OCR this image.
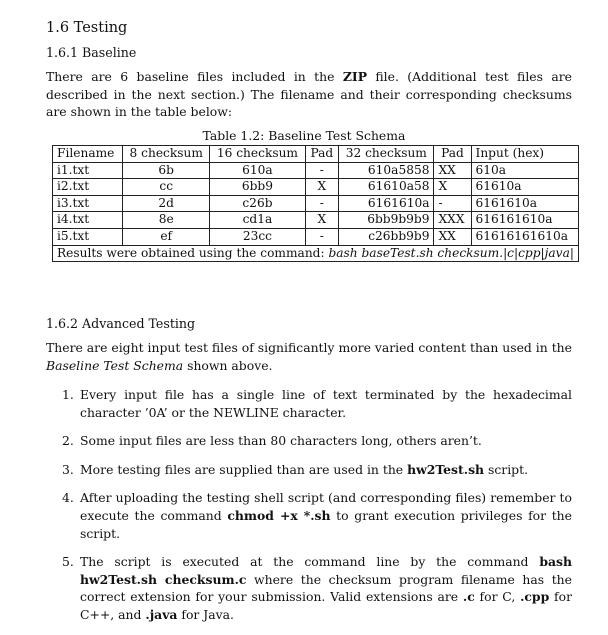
1.6 Testing
1.6.1 Baseline

There are 6 baseline files included in the ZIP file. (Additional test files are described in the next section.) The filename and their corresponding checksums are shown in the table below:

Table 1.2: Baseline Test Schema

Filename	8 checksum	16 checksum	Pad	32 checksum	Pad	Input (hex)
i1.txt	6b	610a	-	610a5858	XX	610a
i2.txt	cc	6bb9	X	61610a58	X	61610a
i3.txt	2d	c26b	-	6161610a	-	6161610a
i4.txt	8e	cd1a	X	6bb9b9b9	XXX	616161610a
i5.txt	ef	23cc	-	c26bb9b9	XX	61616161610a
Results were obtained using the command: bash baseTest.sh checksum.|c|cpp|java|						
1.6.2 Advanced Testing

There are eight input test files of significantly more varied content than used in the Baseline Test Schema shown above.

1. Every input file has a single line of text terminated by the hexadecimal character ’0A’ or the NEWLINE character.
2. Some input files are less than 80 characters long, others aren’t.
3. More testing files are supplied than are used in the hw2Test.sh script.
4. After uploading the testing shell script (and corresponding files) remember to execute the command chmod +x *.sh to grant execution privileges for the script.
5. The script is executed at the command line by the command bash hw2Test.sh checksum.c where the checksum program filename has the correct extension for your submission. Valid extensions are .c for C, .cpp for C++, and .java for Java.
